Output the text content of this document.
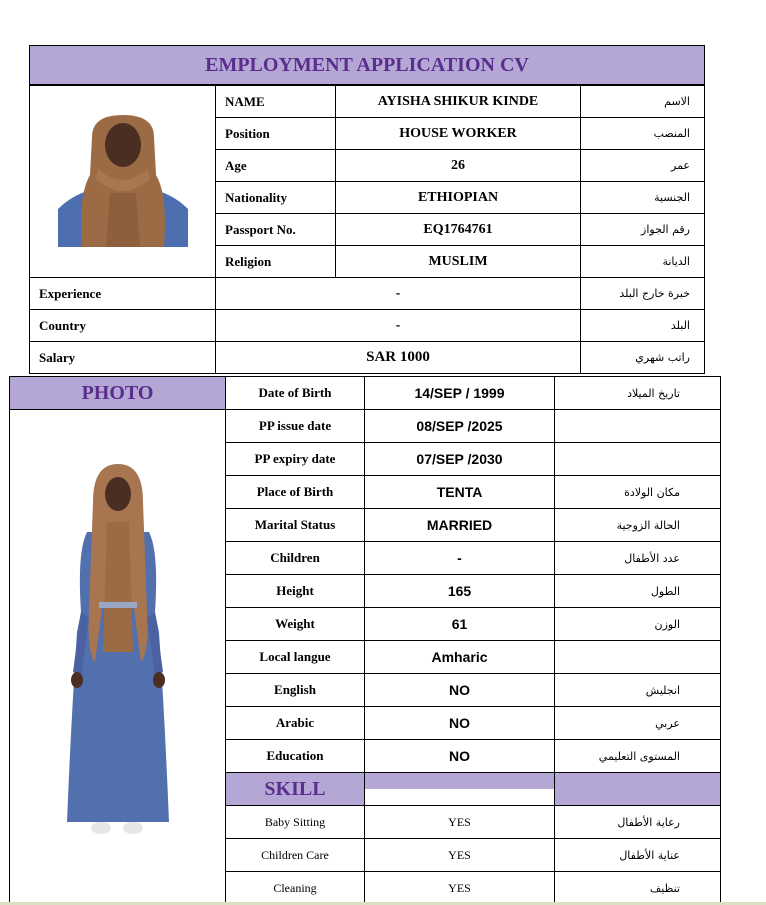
EMPLOYMENT APPLICATION CV
	NAME	AYISHA SHIKUR KINDE	الاسم
	Position	HOUSE WORKER	المنصب
	Age	26	عمر
	Nationality	ETHIOPIAN	الجنسية
	Passport No.	EQ1764761	رقم الجواز
	Religion	MUSLIM	الديانة
Experience	-		خبرة خارج البلد
Country	-		البلد
Salary	SAR 1000		راتب شهري
PHOTO	Date of Birth	14/SEP / 1999	تاريخ الميلاد
	PP issue date	08/SEP /2025	
	PP expiry date	07/SEP /2030	
	Place of Birth	TENTA	مكان الولادة
	Marital Status	MARRIED	الحالة الزوجية
	Children	-	عدد الأطفال
	Height	165	الطول
	Weight	61	الوزن
	Local langue	Amharic	
	English	NO	انجليش
	Arabic	NO	عربي
	Education	NO	المستوى التعليمي
	SKILL	

	Baby Sitting	YES	رعاية الأطفال
	Children Care	YES	عناية الأطفال
	Cleaning	YES	تنظيف
